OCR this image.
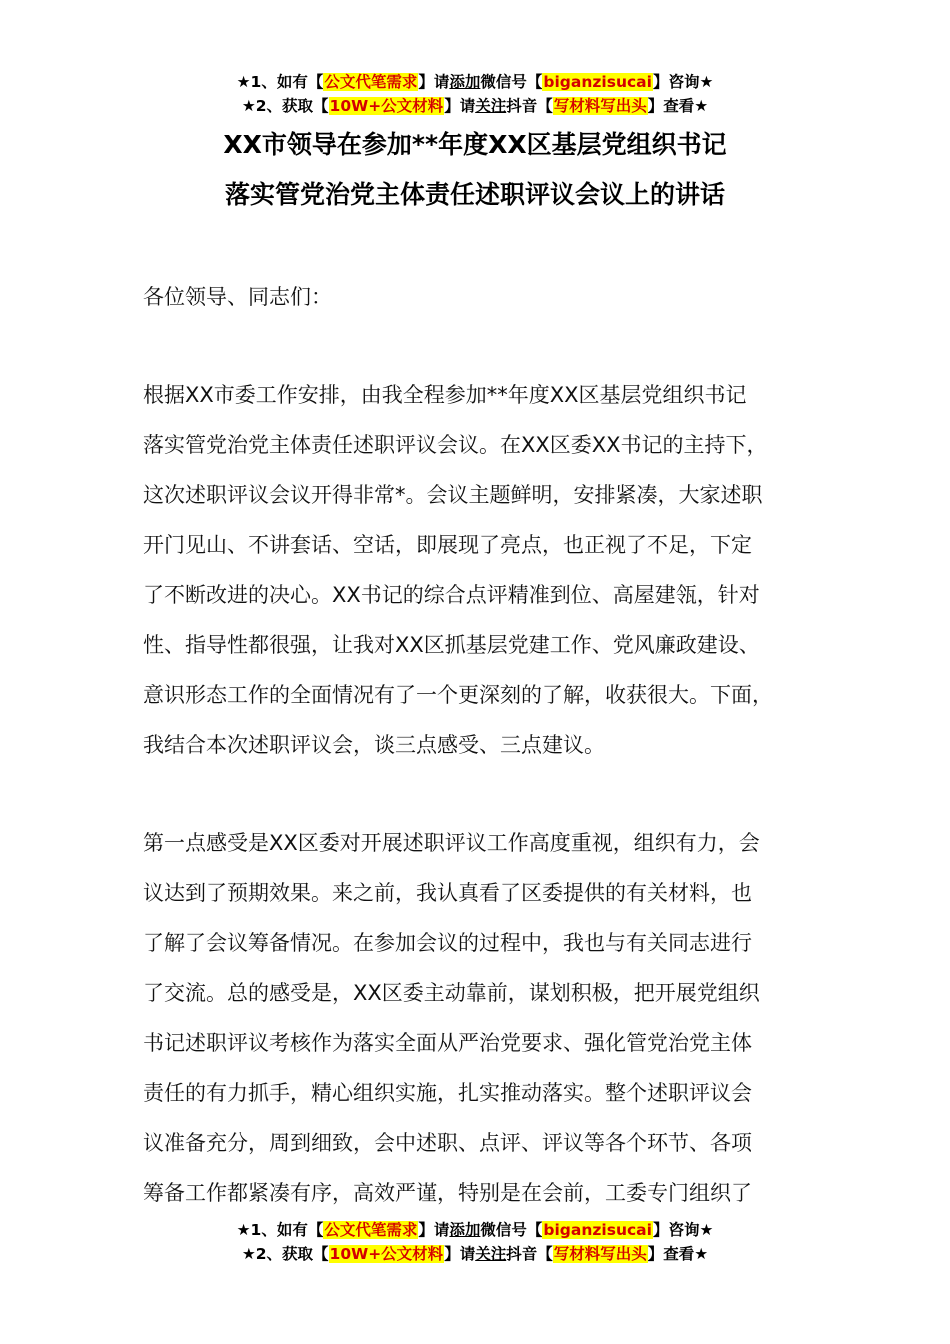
★1、如有【公文代笔需求】请添加微信号【biganzisucai】咨询★
★2、获取【10W+公文材料】请关注抖音【写材料写出头】查看★
XX市领导在参加**年度XX区基层党组织书记
落实管党治党主体责任述职评议会议上的讲话
各位领导、同志们：
根据XX市委工作安排，由我全程参加**年度XX区基层党组织书记
落实管党治党主体责任述职评议会议。在XX区委XX书记的主持下，
这次述职评议会议开得非常*。会议主题鲜明，安排紧凑，大家述职
开门见山、不讲套话、空话，即展现了亮点，也正视了不足，下定
了不断改进的决心。XX书记的综合点评精准到位、高屋建瓴，针对
性、指导性都很强，让我对XX区抓基层党建工作、党风廉政建设、
意识形态工作的全面情况有了一个更深刻的了解，收获很大。下面，
我结合本次述职评议会，谈三点感受、三点建议。
第一点感受是XX区委对开展述职评议工作高度重视，组织有力，会
议达到了预期效果。来之前，我认真看了区委提供的有关材料，也
了解了会议筹备情况。在参加会议的过程中，我也与有关同志进行
了交流。总的感受是，XX区委主动靠前，谋划积极，把开展党组织
书记述职评议考核作为落实全面从严治党要求、强化管党治党主体
责任的有力抓手，精心组织实施，扎实推动落实。整个述职评议会
议准备充分，周到细致，会中述职、点评、评议等各个环节、各项
筹备工作都紧凑有序，高效严谨，特别是在会前，工委专门组织了
★1、如有【公文代笔需求】请添加微信号【biganzisucai】咨询★
★2、获取【10W+公文材料】请关注抖音【写材料写出头】查看★
